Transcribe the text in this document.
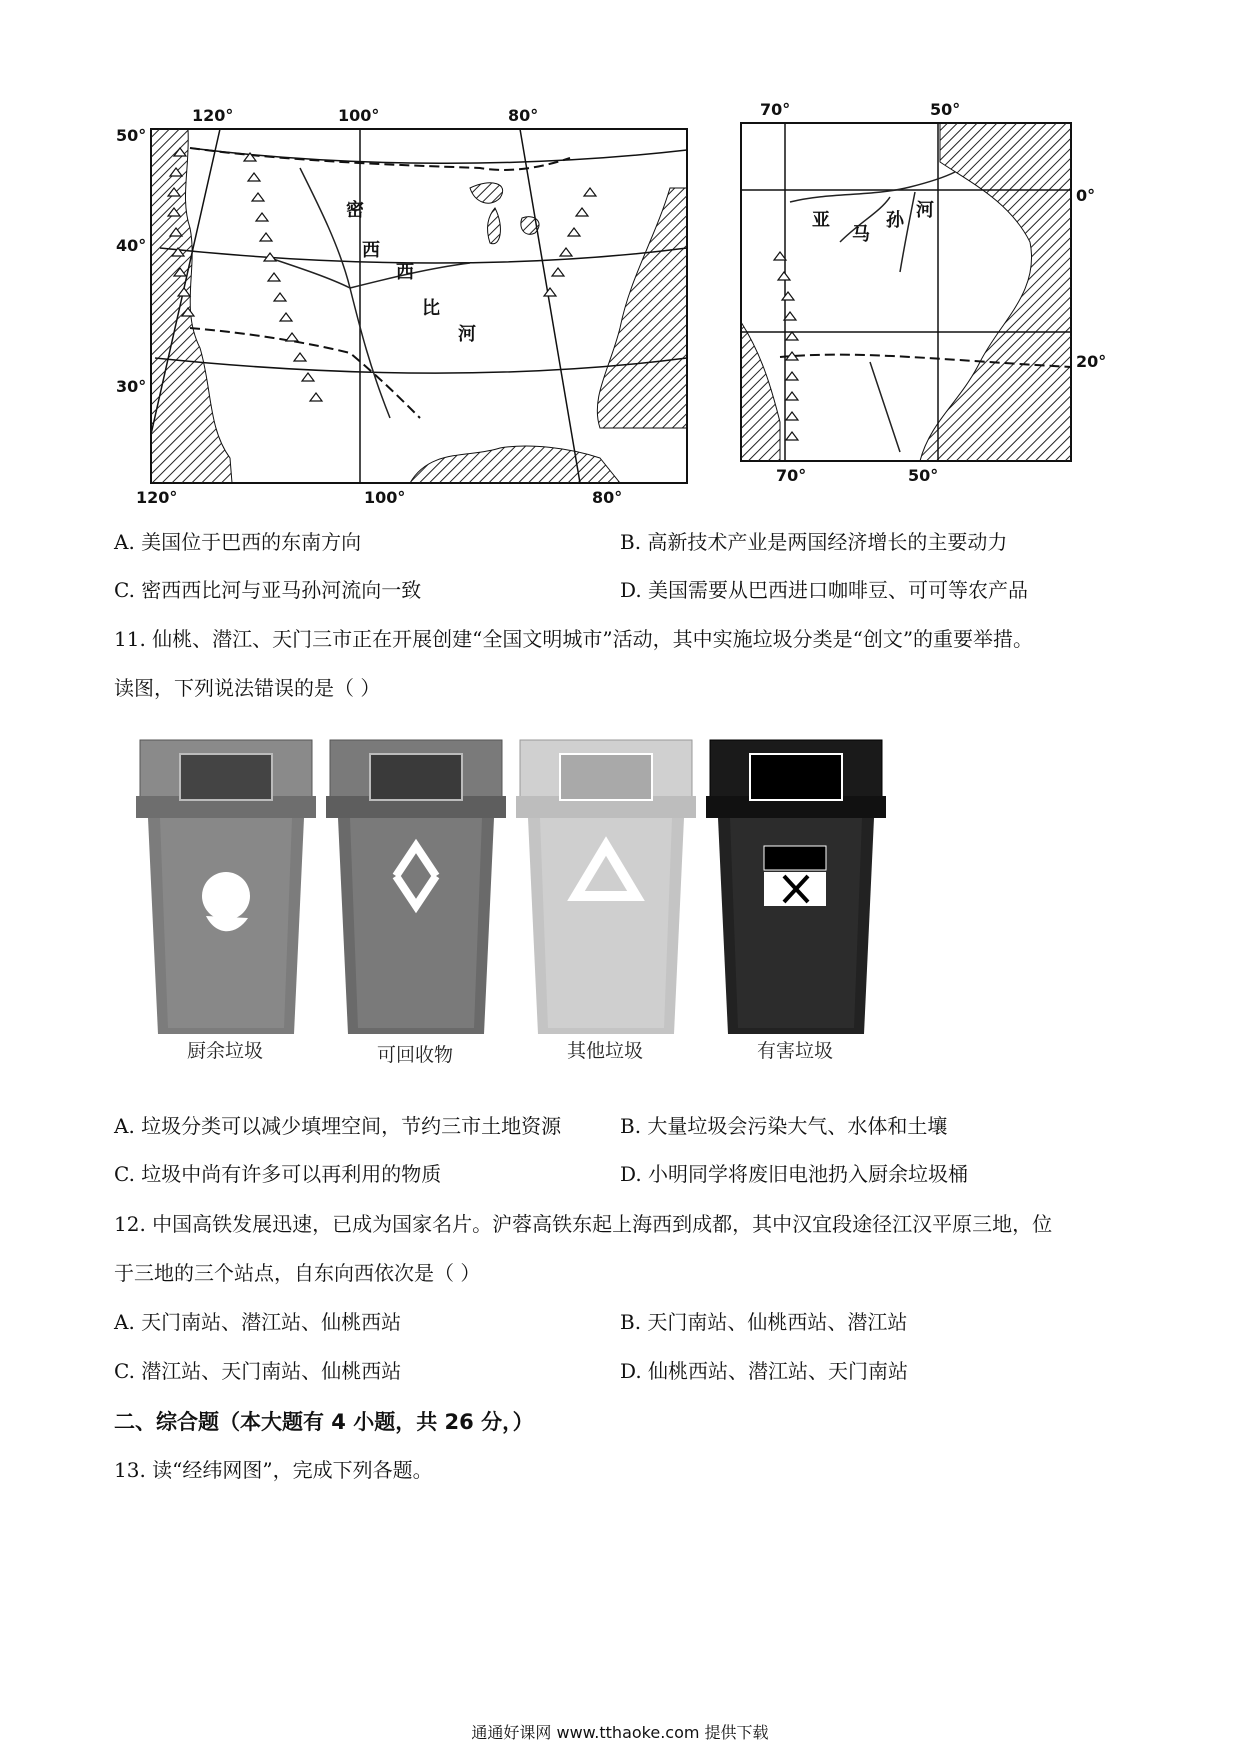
120°	100°	80°
50°
40°
30°
120°	100°	80°
密
西
西
比
河
70°	50°
0°
20°
70°	50°
亚
马
孙 河
A. 美国位于巴西的东南方向	B. 高新技术产业是两国经济增长的主要动力
C. 密西西比河与亚马孙河流向一致	D. 美国需要从巴西进口咖啡豆、可可等农产品
11. 仙桃、潜江、天门三市正在开展创建“全国文明城市”活动，其中实施垃圾分类是“创文”的重要举措。
读图，下列说法错误的是（ ）
厨余垃圾	可回收物	其他垃圾	有害垃圾
A. 垃圾分类可以减少填埋空间，节约三市土地资源	B. 大量垃圾会污染大气、水体和土壤
C. 垃圾中尚有许多可以再利用的物质	D. 小明同学将废旧电池扔入厨余垃圾桶
12. 中国高铁发展迅速，已成为国家名片。沪蓉高铁东起上海西到成都，其中汉宜段途径江汉平原三地，位
于三地的三个站点，自东向西依次是（ ）
A. 天门南站、潜江站、仙桃西站	B. 天门南站、仙桃西站、潜江站
C. 潜江站、天门南站、仙桃西站	D. 仙桃西站、潜江站、天门南站
二、综合题（本大题有 4 小题，共 26 分，）
13. 读“经纬网图”，完成下列各题。
通通好课网 www.tthaoke.com 提供下载
